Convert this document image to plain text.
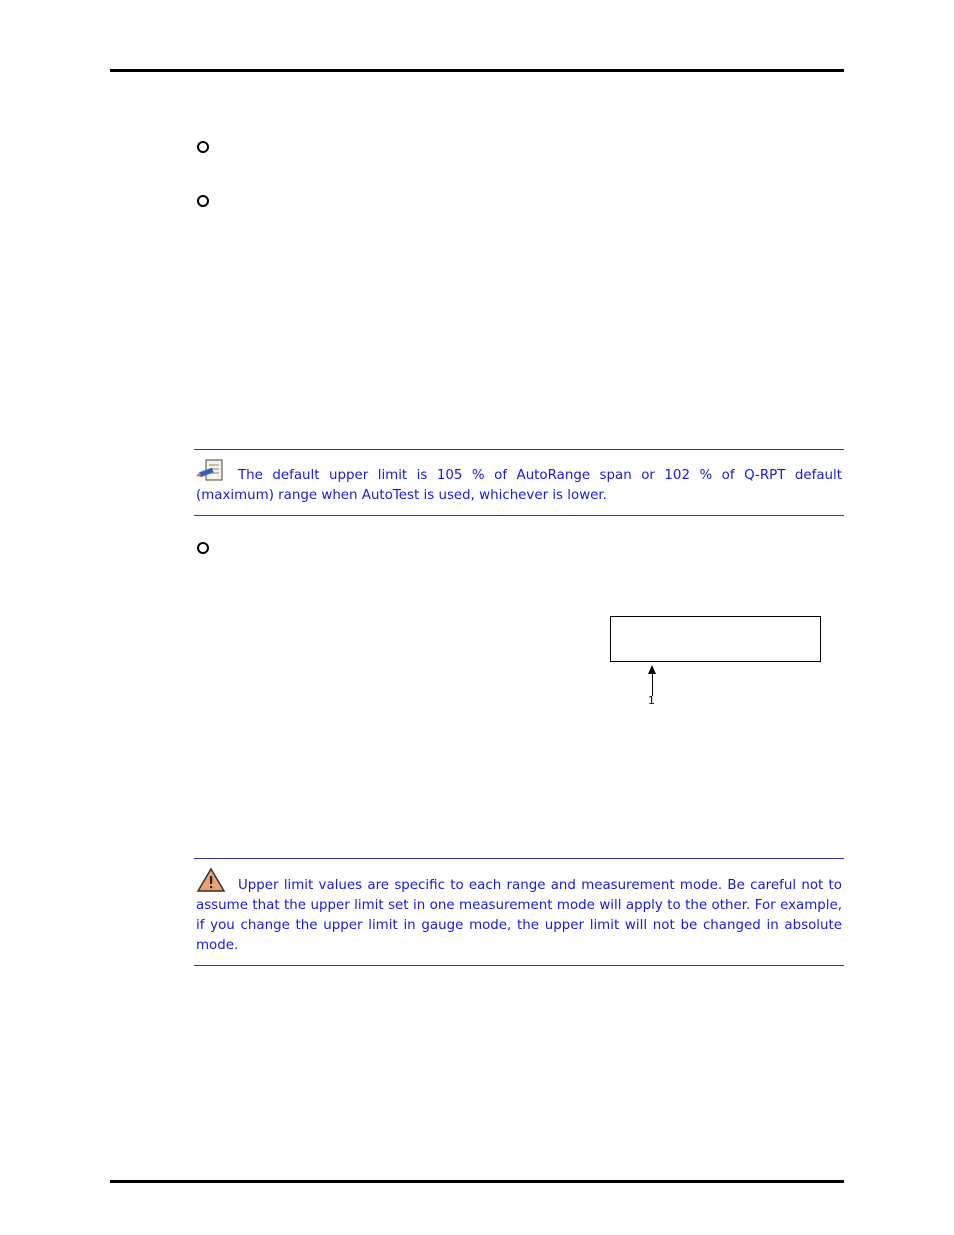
The default upper limit is 105 % of AutoRange span or 102 % of Q-RPT default (maximum) range when AutoTest is used, whichever is lower.
1
Upper limit values are specific to each range and measurement mode. Be careful not to assume that the upper limit set in one measurement mode will apply to the other. For example, if you change the upper limit in gauge mode, the upper limit will not be changed in absolute mode.
